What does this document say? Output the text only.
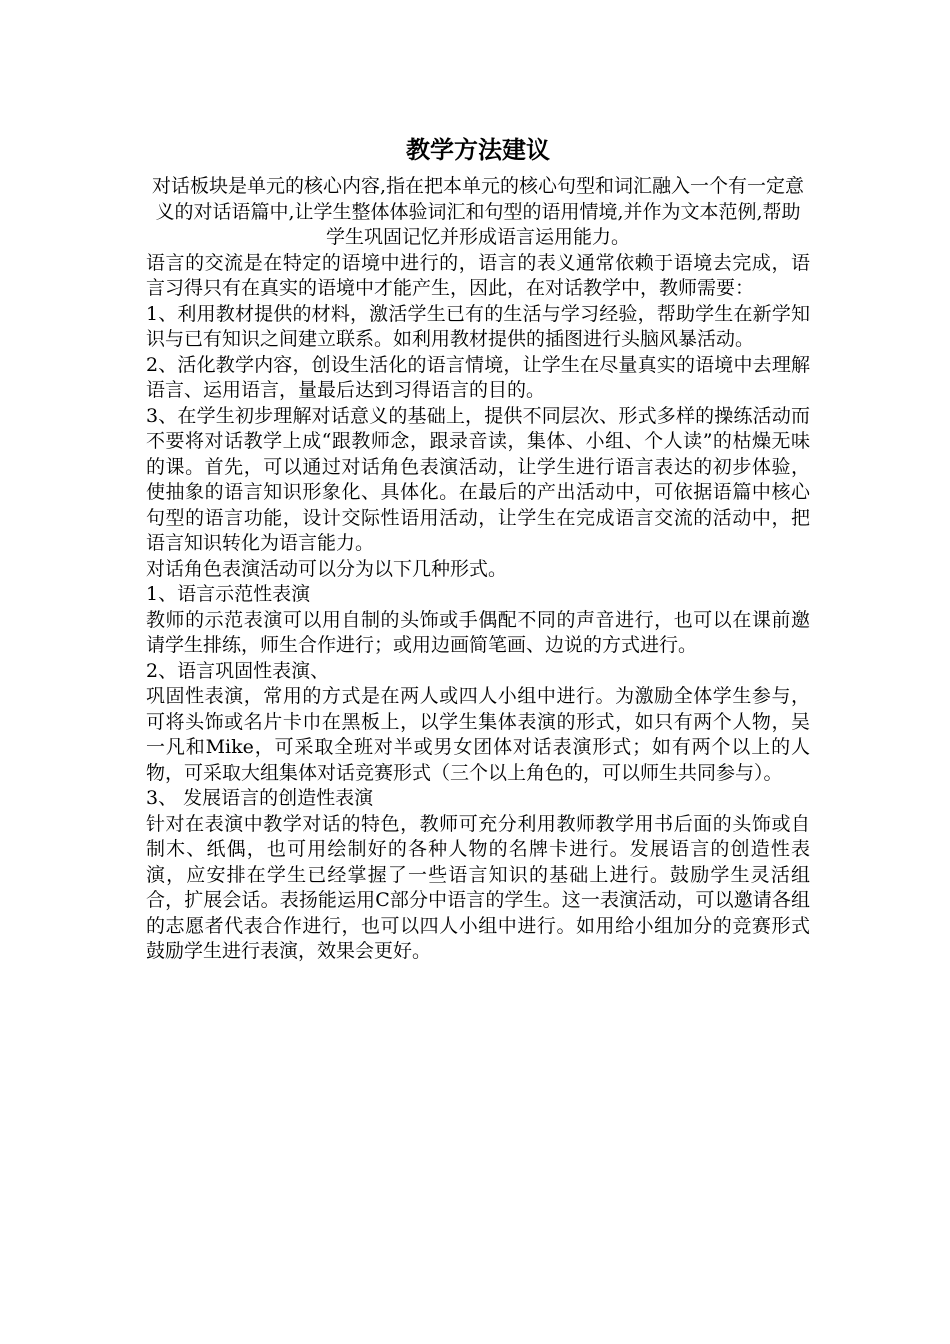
教学方法建议

对话板块是单元的核心内容,指在把本单元的核心句型和词汇融入一个有一定意义的对话语篇中,让学生整体体验词汇和句型的语用情境,并作为文本范例,帮助学生巩固记忆并形成语言运用能力。

语言的交流是在特定的语境中进行的，语言的表义通常依赖于语境去完成，语言习得只有在真实的语境中才能产生，因此，在对话教学中，教师需要：

1、利用教材提供的材料，激活学生已有的生活与学习经验，帮助学生在新学知识与已有知识之间建立联系。如利用教材提供的插图进行头脑风暴活动。

2、活化教学内容，创设生活化的语言情境，让学生在尽量真实的语境中去理解语言、运用语言，量最后达到习得语言的目的。

3、在学生初步理解对话意义的基础上，提供不同层次、形式多样的操练活动而不要将对话教学上成“跟教师念，跟录音读，集体、小组、个人读”的枯燥无味的课。首先，可以通过对话角色表演活动，让学生进行语言表达的初步体验，使抽象的语言知识形象化、具体化。在最后的产出活动中，可依据语篇中核心句型的语言功能，设计交际性语用活动，让学生在完成语言交流的活动中，把语言知识转化为语言能力。

对话角色表演活动可以分为以下几种形式。

1、语言示范性表演

教师的示范表演可以用自制的头饰或手偶配不同的声音进行，也可以在课前邀请学生排练，师生合作进行；或用边画简笔画、边说的方式进行。

2、语言巩固性表演、

巩固性表演，常用的方式是在两人或四人小组中进行。为激励全体学生参与，可将头饰或名片卡巾在黑板上，以学生集体表演的形式，如只有两个人物，吴一凡和Mike，可采取全班对半或男女团体对话表演形式；如有两个以上的人物，可采取大组集体对话竞赛形式（三个以上角色的，可以师生共同参与）。

3、 发展语言的创造性表演

针对在表演中教学对话的特色，教师可充分利用教师教学用书后面的头饰或自制木、纸偶，也可用绘制好的各种人物的名牌卡进行。发展语言的创造性表演，应安排在学生已经掌握了一些语言知识的基础上进行。鼓励学生灵活组合，扩展会话。表扬能运用C部分中语言的学生。这一表演活动，可以邀请各组的志愿者代表合作进行，也可以四人小组中进行。如用给小组加分的竞赛形式鼓励学生进行表演，效果会更好。
